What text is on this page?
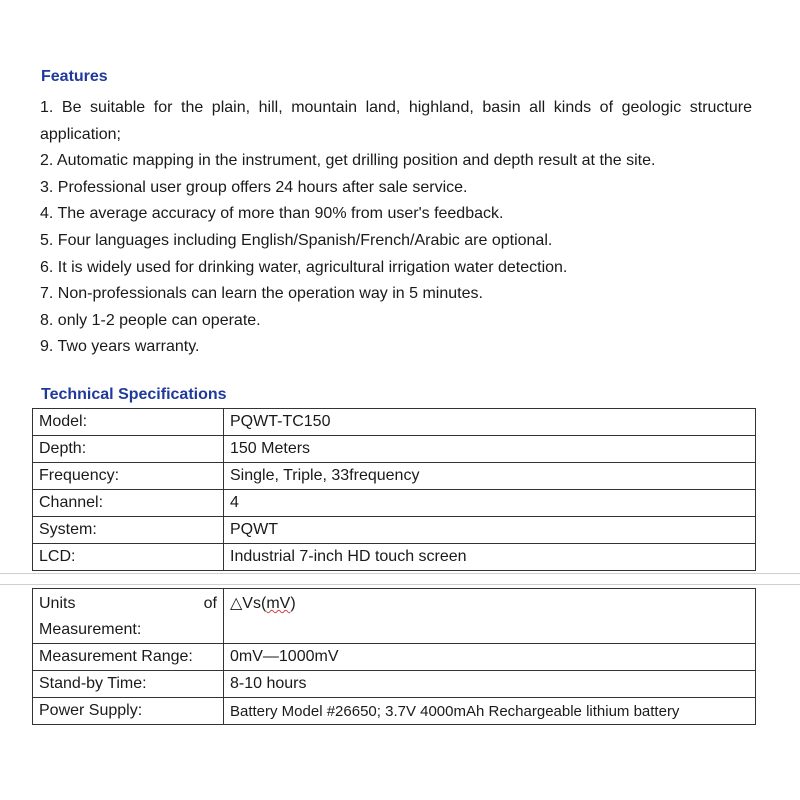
Features
1. Be suitable for the plain, hill, mountain land, highland, basin all kinds of geologic structure application;
2. Automatic mapping in the instrument, get drilling position and depth result at the site.
3. Professional user group offers 24 hours after sale service.
4. The average accuracy of more than 90% from user's feedback.
5. Four languages including English/Spanish/French/Arabic are optional.
6. It is widely used for drinking water, agricultural irrigation water detection.
7. Non-professionals can learn the operation way in 5 minutes.
8. only 1-2 people can operate.
9. Two years warranty.
Technical Specifications
Model:	PQWT-TC150
Depth:	150 Meters
Frequency:	Single, Triple, 33frequency
Channel:	4
System:	PQWT
LCD:	Industrial 7-inch HD touch screen
Units of
Measurement:	△Vs(mV)
Measurement Range:	0mV—1000mV
Stand-by Time:	8-10 hours
Power Supply:	Battery Model #26650; 3.7V 4000mAh Rechargeable lithium battery
